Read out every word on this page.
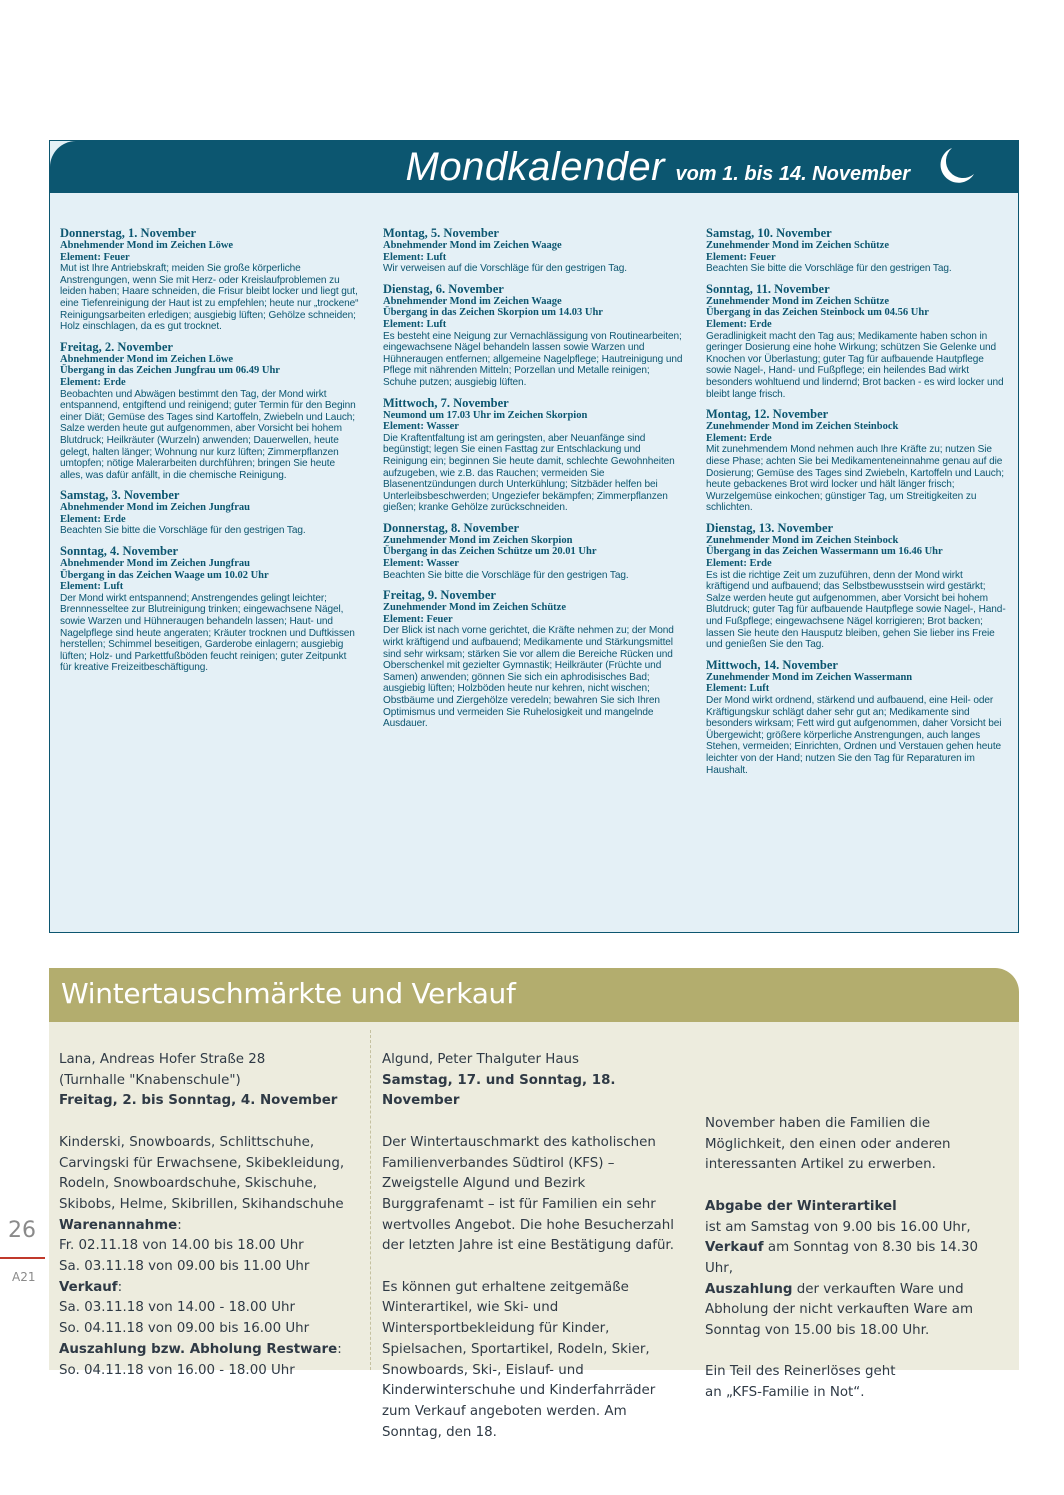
Mondkalender vom 1. bis 14. November
Donnerstag, 1. November
Abnehmender Mond im Zeichen Löwe
Element: Feuer
Mut ist Ihre Antriebskraft; meiden Sie große körperliche Anstrengungen, wenn Sie mit Herz- oder Kreislaufproblemen zu leiden haben; Haare schneiden, die Frisur bleibt locker und liegt gut, eine Tiefenreinigung der Haut ist zu empfehlen; heute nur „trockene“ Reinigungsarbeiten erledigen; ausgiebig lüften; Gehölze schneiden; Holz einschlagen, da es gut trocknet.
Freitag, 2. November
Abnehmender Mond im Zeichen Löwe
Übergang in das Zeichen Jungfrau um 06.49 Uhr
Element: Erde
Beobachten und Abwägen bestimmt den Tag, der Mond wirkt entspannend, entgiftend und reinigend; guter Termin für den Beginn einer Diät; Gemüse des Tages sind Kartoffeln, Zwiebeln und Lauch; Salze werden heute gut aufgenommen, aber Vorsicht bei hohem Blutdruck; Heilkräuter (Wurzeln) anwenden; Dauerwellen, heute gelegt, halten länger; Wohnung nur kurz lüften; Zimmerpflanzen umtopfen; nötige Malerarbeiten durchführen; bringen Sie heute alles, was dafür anfällt, in die chemische Reinigung.
Samstag, 3. November
Abnehmender Mond im Zeichen Jungfrau
Element: Erde
Beachten Sie bitte die Vorschläge für den gestrigen Tag.
Sonntag, 4. November
Abnehmender Mond im Zeichen Jungfrau
Übergang in das Zeichen Waage um 10.02 Uhr
Element: Luft
Der Mond wirkt entspannend; Anstrengendes gelingt leichter; Brennnesseltee zur Blutreinigung trinken; eingewachsene Nägel, sowie Warzen und Hühneraugen behandeln lassen; Haut- und Nagelpflege sind heute angeraten; Kräuter trocknen und Duftkissen herstellen; Schimmel beseitigen, Garderobe einlagern; ausgiebig lüften; Holz- und Parkettfußböden feucht reinigen; guter Zeitpunkt für kreative Freizeitbeschäftigung.
Montag, 5. November
Abnehmender Mond im Zeichen Waage
Element: Luft
Wir verweisen auf die Vorschläge für den gestrigen Tag.
Dienstag, 6. November
Abnehmender Mond im Zeichen Waage
Übergang in das Zeichen Skorpion um 14.03 Uhr
Element: Luft
Es besteht eine Neigung zur Vernachlässigung von Routinearbeiten; eingewachsene Nägel behandeln lassen sowie Warzen und Hühneraugen entfernen; allgemeine Nagelpflege; Hautreinigung und Pflege mit nährenden Mitteln; Porzellan und Metalle reinigen; Schuhe putzen; ausgiebig lüften.
Mittwoch, 7. November
Neumond um 17.03 Uhr im Zeichen Skorpion
Element: Wasser
Die Kraftentfaltung ist am geringsten, aber Neuanfänge sind begünstigt; legen Sie einen Fasttag zur Entschlackung und Reinigung ein; beginnen Sie heute damit, schlechte Gewohnheiten aufzugeben, wie z.B. das Rauchen; vermeiden Sie Blasenentzündungen durch Unterkühlung; Sitzbäder helfen bei Unterleibsbeschwerden; Ungeziefer bekämpfen; Zimmerpflanzen gießen; kranke Gehölze zurückschneiden.
Donnerstag, 8. November
Zunehmender Mond im Zeichen Skorpion
Übergang in das Zeichen Schütze um 20.01 Uhr
Element: Wasser
Beachten Sie bitte die Vorschläge für den gestrigen Tag.
Freitag, 9. November
Zunehmender Mond im Zeichen Schütze
Element: Feuer
Der Blick ist nach vorne gerichtet, die Kräfte nehmen zu; der Mond wirkt kräftigend und aufbauend; Medikamente und Stärkungsmittel sind sehr wirksam; stärken Sie vor allem die Bereiche Rücken und Oberschenkel mit gezielter Gymnastik; Heilkräuter (Früchte und Samen) anwenden; gönnen Sie sich ein aphrodisisches Bad; ausgiebig lüften; Holzböden heute nur kehren, nicht wischen; Obstbäume und Ziergehölze veredeln; bewahren Sie sich Ihren Optimismus und vermeiden Sie Ruhelosigkeit und mangelnde Ausdauer.
Samstag, 10. November
Zunehmender Mond im Zeichen Schütze
Element: Feuer
Beachten Sie bitte die Vorschläge für den gestrigen Tag.
Sonntag, 11. November
Zunehmender Mond im Zeichen Schütze
Übergang in das Zeichen Steinbock um 04.56 Uhr
Element: Erde
Geradlinigkeit macht den Tag aus; Medikamente haben schon in geringer Dosierung eine hohe Wirkung; schützen Sie Gelenke und Knochen vor Überlastung; guter Tag für aufbauende Hautpflege sowie Nagel-, Hand- und Fußpflege; ein heilendes Bad wirkt besonders wohltuend und lindernd; Brot backen - es wird locker und bleibt lange frisch.
Montag, 12. November
Zunehmender Mond im Zeichen Steinbock
Element: Erde
Mit zunehmendem Mond nehmen auch Ihre Kräfte zu; nutzen Sie diese Phase; achten Sie bei Medikamenteneinnahme genau auf die Dosierung; Gemüse des Tages sind Zwiebeln, Kartoffeln und Lauch; heute gebackenes Brot wird locker und hält länger frisch; Wurzelgemüse einkochen; günstiger Tag, um Streitigkeiten zu schlichten.
Dienstag, 13. November
Zunehmender Mond im Zeichen Steinbock
Übergang in das Zeichen Wassermann um 16.46 Uhr
Element: Erde
Es ist die richtige Zeit um zuzuführen, denn der Mond wirkt kräftigend und aufbauend; das Selbstbewusstsein wird gestärkt; Salze werden heute gut aufgenommen, aber Vorsicht bei hohem Blutdruck; guter Tag für aufbauende Hautpflege sowie Nagel-, Hand- und Fußpflege; eingewachsene Nägel korrigieren; Brot backen; lassen Sie heute den Hausputz bleiben, gehen Sie lieber ins Freie und genießen Sie den Tag.
Mittwoch, 14. November
Zunehmender Mond im Zeichen Wassermann
Element: Luft
Der Mond wirkt ordnend, stärkend und aufbauend, eine Heil- oder Kräftigungskur schlägt daher sehr gut an; Medikamente sind besonders wirksam; Fett wird gut aufgenommen, daher Vorsicht bei Übergewicht; größere körperliche Anstrengungen, auch langes Stehen, vermeiden; Einrichten, Ordnen und Verstauen gehen heute leichter von der Hand; nutzen Sie den Tag für Reparaturen im Haushalt.
Wintertauschmärkte und Verkauf

Lana, Andreas Hofer Straße 28

(Turnhalle "Knabenschule")

Freitag, 2. bis Sonntag, 4. November

Kinderski, Snowboards, Schlittschuhe, Carvingski für Erwachsene, Skibekleidung, Rodeln, Snowboardschuhe, Skischuhe, Skibobs, Helme, Skibrillen, Skihandschuhe

Warenannahme:

Fr. 02.11.18 von 14.00 bis 18.00 Uhr

Sa. 03.11.18 von 09.00 bis 11.00 Uhr

Verkauf:

Sa. 03.11.18 von 14.00 - 18.00 Uhr

So. 04.11.18 von 09.00 bis 16.00 Uhr

Auszahlung bzw. Abholung Restware:

So. 04.11.18 von 16.00 - 18.00 Uhr

Algund, Peter Thalguter Haus

Samstag, 17. und Sonntag, 18. November

Der Wintertauschmarkt des katholischen Familienverbandes Südtirol (KFS) – Zweigstelle Algund und Bezirk Burggrafenamt – ist für Familien ein sehr wertvolles Angebot. Die hohe Besucherzahl der letzten Jahre ist eine Bestätigung dafür.

Es können gut erhaltene zeitgemäße Winterartikel, wie Ski- und Wintersportbekleidung für Kinder, Spielsachen, Sportartikel, Rodeln, Skier, Snowboards, Ski-, Eislauf- und Kinderwinterschuhe und Kinderfahrräder zum Verkauf angeboten werden. Am Sonntag, den 18.

November haben die Familien die Möglichkeit, den einen oder anderen interessanten Artikel zu erwerben.

Abgabe der Winterartikel

ist am Samstag von 9.00 bis 16.00 Uhr,

Verkauf am Sonntag von 8.30 bis 14.30 Uhr,

Auszahlung der verkauften Ware und Abholung der nicht verkauften Ware am Sonntag von 15.00 bis 18.00 Uhr.

Ein Teil des Reinerlöses geht

an „KFS-Familie in Not“.

26
A21
